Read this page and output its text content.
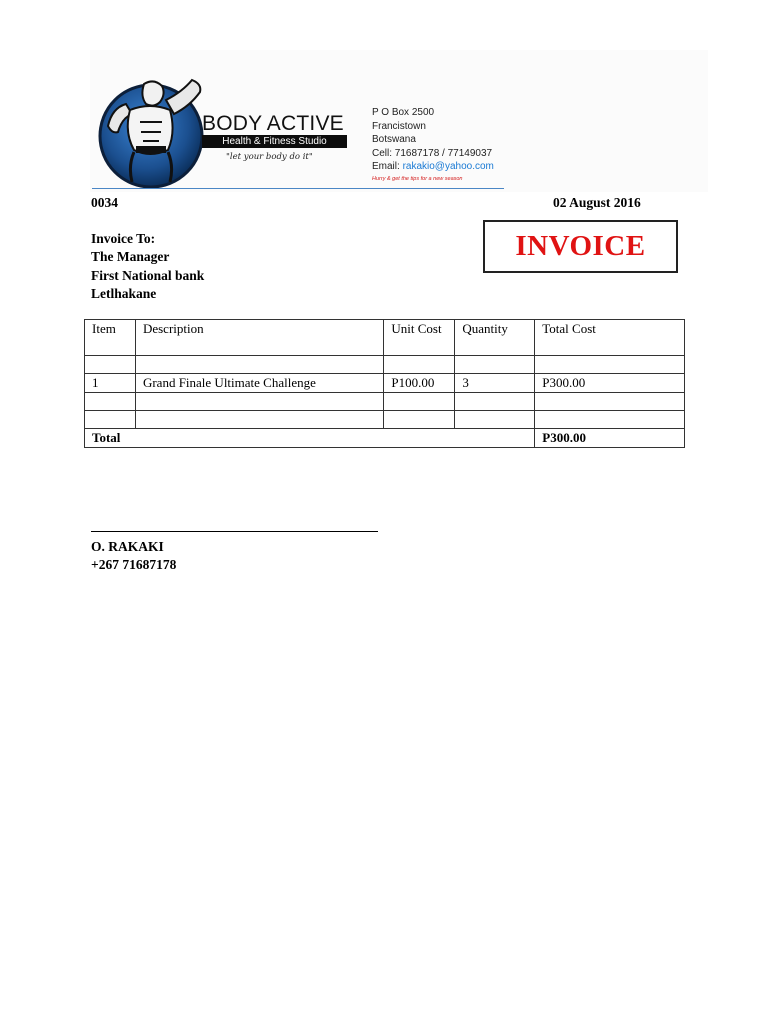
BODY ACTIVE
Health & Fitness Studio
"let your body do it"
P O Box 2500
Francistown
Botswana
Cell: 71687178 / 77149037
Email: rakakio@yahoo.com
Hurry & get the tips for a new season
0034	02 August 2016
Invoice To:
The Manager
First National bank
Letlhakane
INVOICE
Item	Description	Unit Cost	Quantity	Total Cost

1	Grand Finale Ultimate Challenge	P100.00	3	P300.00

Total				P300.00
O. RAKAKI
+267 71687178
